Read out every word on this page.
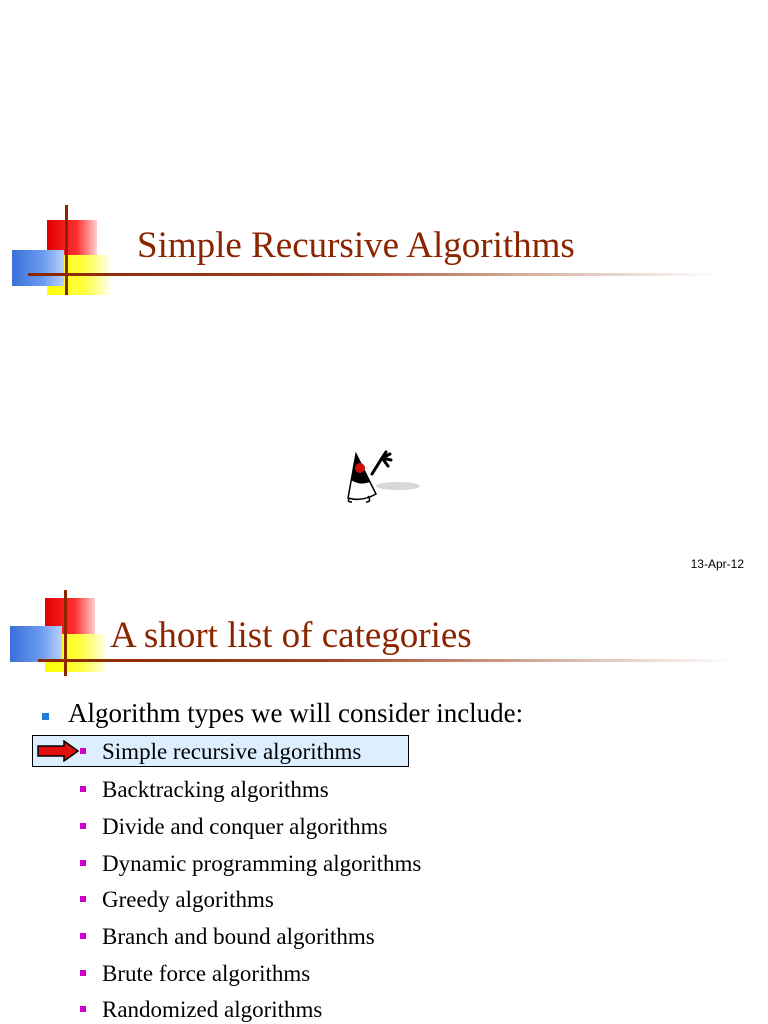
Simple Recursive Algorithms
13-Apr-12
A short list of categories
Algorithm types we will consider include:
Simple recursive algorithms
Backtracking algorithms
Divide and conquer algorithms
Dynamic programming algorithms
Greedy algorithms
Branch and bound algorithms
Brute force algorithms
Randomized algorithms
